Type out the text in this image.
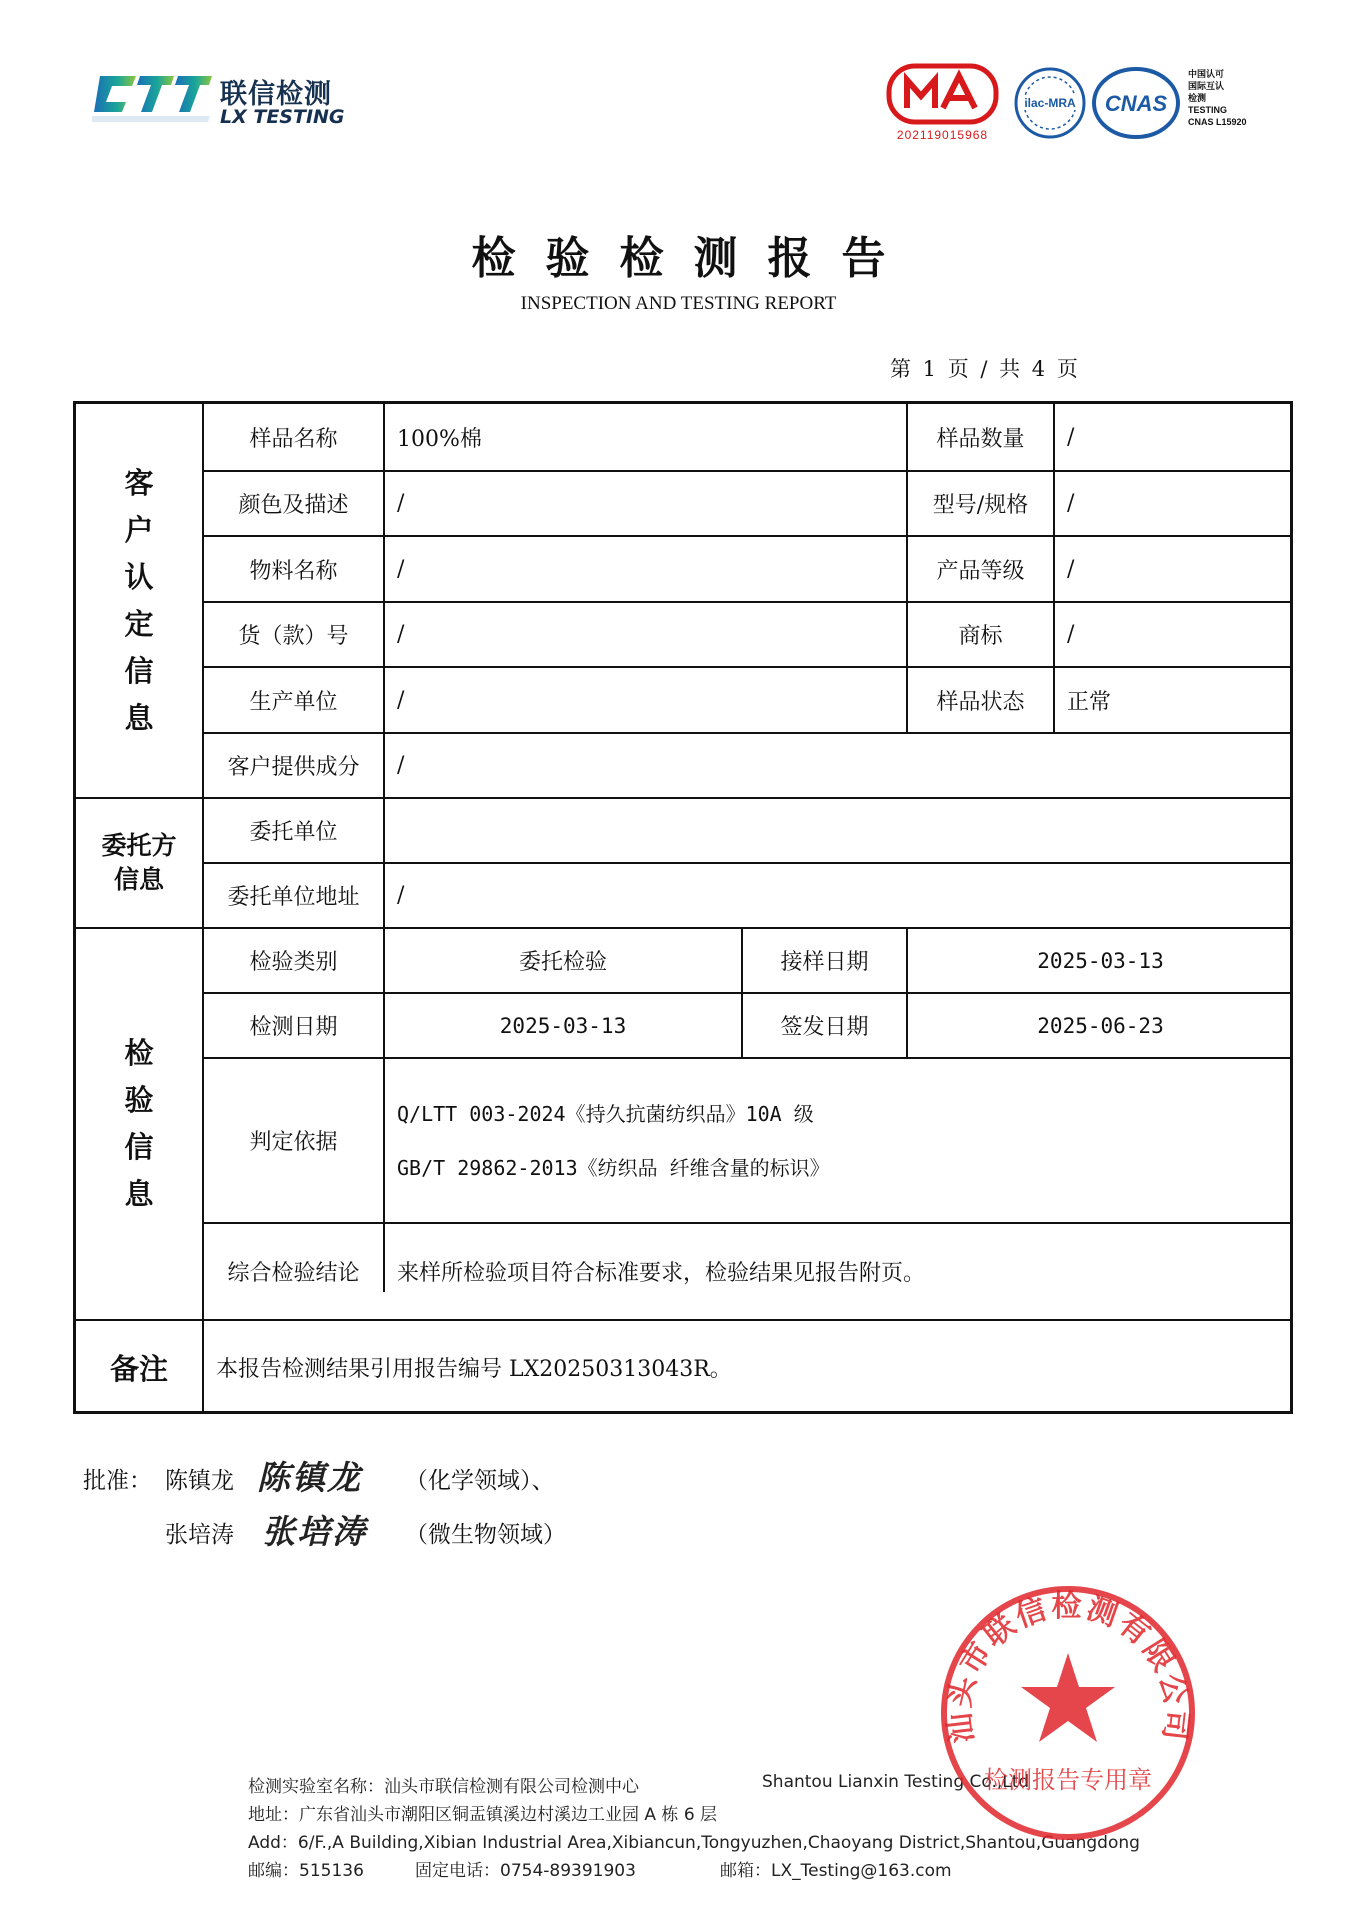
联信检测
LX TESTING
202119015968
ilac-MRA CNAS
中国认可
国际互认
检测
TESTING
CNAS L15920
检验检测报告
INSPECTION AND TESTING REPORT
第 1 页 / 共 4 页
客户认定信息
委托方信息
检验信息
备注
样品名称	100%棉	样品数量	/
颜色及描述	/	型号/规格	/
物料名称	/	产品等级	/
货（款）号	/	商标	/
生产单位	/	样品状态	正常
客户提供成分	/
委托单位
委托单位地址	/
检验类别	委托检验	接样日期	2025-03-13
检测日期	2025-03-13	签发日期	2025-06-23
判定依据
Q/LTT 003-2024《持久抗菌纺织品》10A 级
GB/T 29862-2013《纺织品 纤维含量的标识》
综合检验结论	来样所检验项目符合标准要求，检验结果见报告附页。
本报告检测结果引用报告编号 LX20250313043R。
批准： 陈镇龙 陈镇龙 （化学领域）、
张培涛 张培涛 （微生物领域）
检测实验室名称：汕头市联信检测有限公司检测中心	Shantou Lianxin Testing Co.,Ltd
地址：广东省汕头市潮阳区铜盂镇溪边村溪边工业园 A 栋 6 层
Add：6/F.,A Building,Xibian Industrial Area,Xibiancun,Tongyuzhen,Chaoyang District,Shantou,Guangdong
邮编：515136	固定电话：0754-89391903	邮箱：LX_Testing@163.com
汕头市联信检测有限公司
检测报告专用章
